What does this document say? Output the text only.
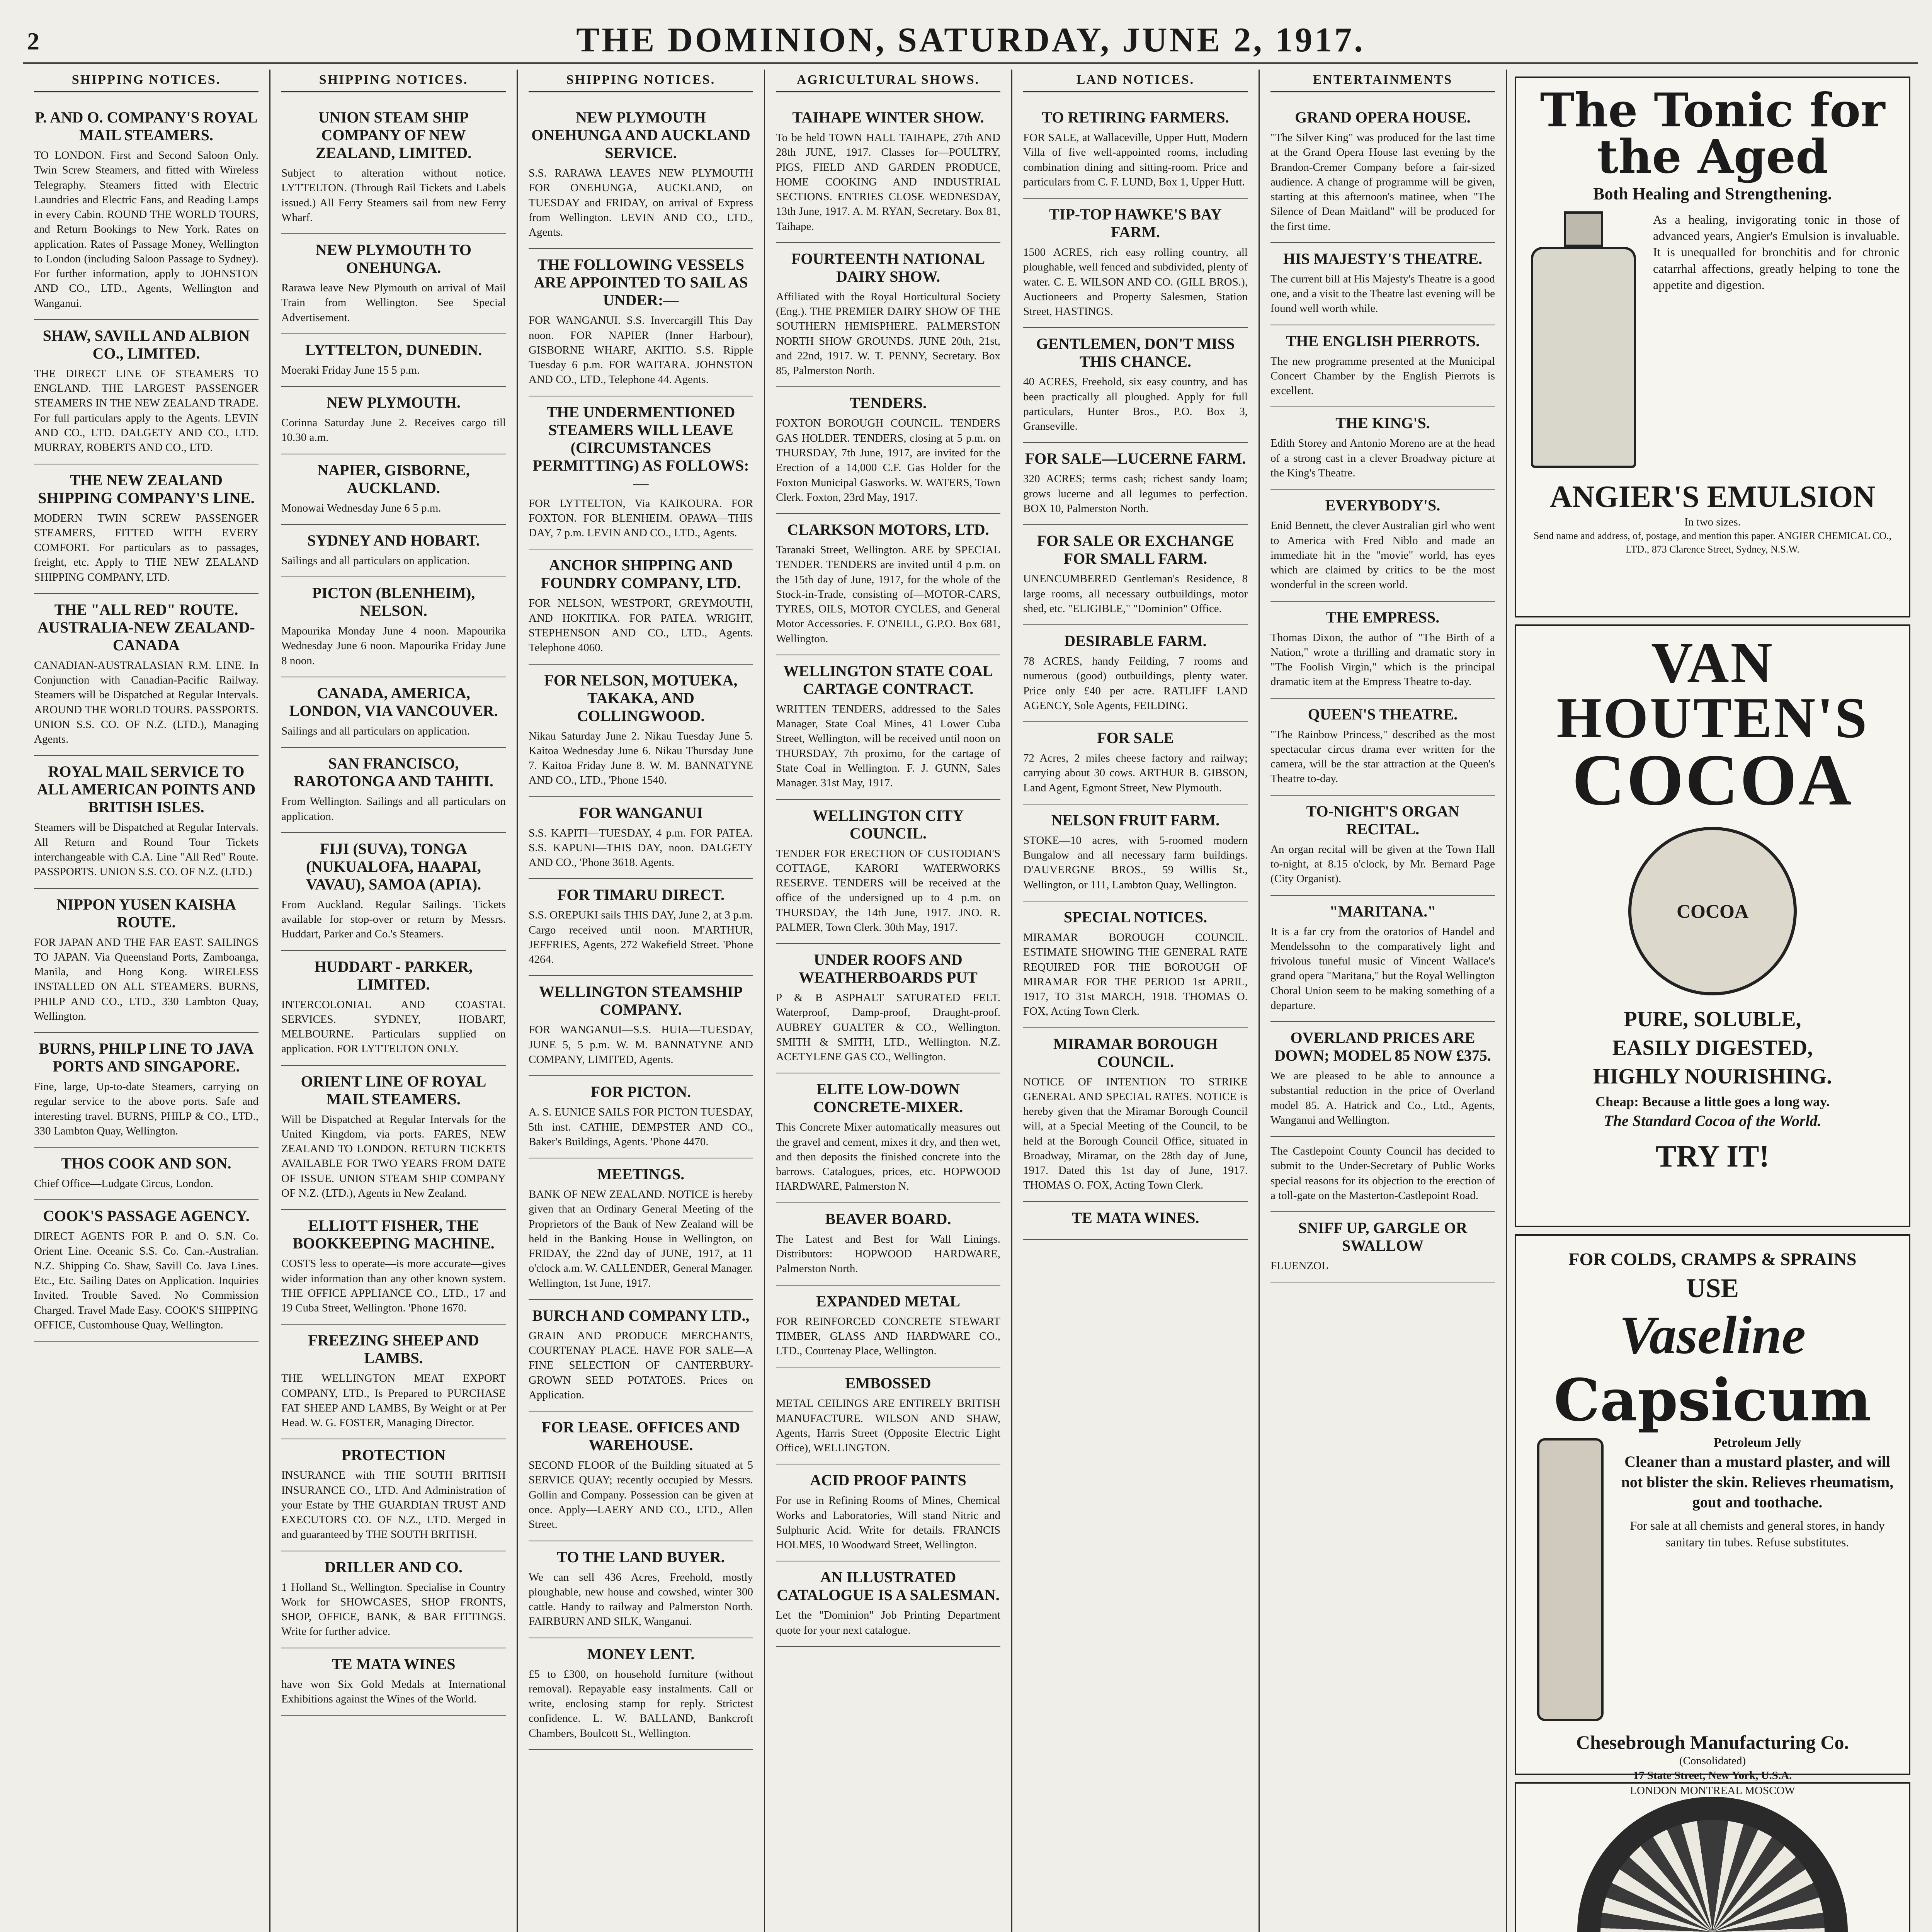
2	THE DOMINION, SATURDAY, JUNE 2, 1917.
SHIPPING NOTICES.
P. AND O. COMPANY'S ROYAL MAIL STEAMERS.
TO LONDON. First and Second Saloon Only. Twin Screw Steamers, and fitted with Wireless Telegraphy. Steamers fitted with Electric Laundries and Electric Fans, and Reading Lamps in every Cabin. ROUND THE WORLD TOURS, and Return Bookings to New York. Rates on application. Rates of Passage Money, Wellington to London (including Saloon Passage to Sydney). For further information, apply to JOHNSTON AND CO., LTD., Agents, Wellington and Wanganui.
SHAW, SAVILL AND ALBION CO., LIMITED.
THE DIRECT LINE OF STEAMERS TO ENGLAND. THE LARGEST PASSENGER STEAMERS IN THE NEW ZEALAND TRADE. For full particulars apply to the Agents. LEVIN AND CO., LTD. DALGETY AND CO., LTD. MURRAY, ROBERTS AND CO., LTD.
THE NEW ZEALAND SHIPPING COMPANY'S LINE.
MODERN TWIN SCREW PASSENGER STEAMERS, FITTED WITH EVERY COMFORT. For particulars as to passages, freight, etc. Apply to THE NEW ZEALAND SHIPPING COMPANY, LTD.
THE "ALL RED" ROUTE. AUSTRALIA-NEW ZEALAND-CANADA
CANADIAN-AUSTRALASIAN R.M. LINE. In Conjunction with Canadian-Pacific Railway. Steamers will be Dispatched at Regular Intervals. AROUND THE WORLD TOURS. PASSPORTS. UNION S.S. CO. OF N.Z. (LTD.), Managing Agents.
ROYAL MAIL SERVICE TO ALL AMERICAN POINTS AND BRITISH ISLES.
Steamers will be Dispatched at Regular Intervals. All Return and Round Tour Tickets interchangeable with C.A. Line "All Red" Route. PASSPORTS. UNION S.S. CO. OF N.Z. (LTD.)
NIPPON YUSEN KAISHA ROUTE.
FOR JAPAN AND THE FAR EAST. SAILINGS TO JAPAN. Via Queensland Ports, Zamboanga, Manila, and Hong Kong. WIRELESS INSTALLED ON ALL STEAMERS. BURNS, PHILP AND CO., LTD., 330 Lambton Quay, Wellington.
BURNS, PHILP LINE TO JAVA PORTS AND SINGAPORE.
Fine, large, Up-to-date Steamers, carrying on regular service to the above ports. Safe and interesting travel. BURNS, PHILP & CO., LTD., 330 Lambton Quay, Wellington.
THOS COOK AND SON.
Chief Office—Ludgate Circus, London.
COOK'S PASSAGE AGENCY.
DIRECT AGENTS FOR P. and O. S.N. Co. Orient Line. Oceanic S.S. Co. Can.-Australian. N.Z. Shipping Co. Shaw, Savill Co. Java Lines. Etc., Etc. Sailing Dates on Application. Inquiries Invited. Trouble Saved. No Commission Charged. Travel Made Easy. COOK'S SHIPPING OFFICE, Customhouse Quay, Wellington.
SHIPPING NOTICES.
UNION STEAM SHIP COMPANY OF NEW ZEALAND, LIMITED.
Subject to alteration without notice. LYTTELTON. (Through Rail Tickets and Labels issued.) All Ferry Steamers sail from new Ferry Wharf.
NEW PLYMOUTH TO ONEHUNGA.
Rarawa leave New Plymouth on arrival of Mail Train from Wellington. See Special Advertisement.
LYTTELTON, DUNEDIN.
Moeraki Friday June 15 5 p.m.
NEW PLYMOUTH.
Corinna Saturday June 2. Receives cargo till 10.30 a.m.
NAPIER, GISBORNE, AUCKLAND.
Monowai Wednesday June 6 5 p.m.
SYDNEY AND HOBART.
Sailings and all particulars on application.
PICTON (BLENHEIM), NELSON.
Mapourika Monday June 4 noon. Mapourika Wednesday June 6 noon. Mapourika Friday June 8 noon.
CANADA, AMERICA, LONDON, VIA VANCOUVER.
Sailings and all particulars on application.
SAN FRANCISCO, RAROTONGA AND TAHITI.
From Wellington. Sailings and all particulars on application.
FIJI (SUVA), TONGA (NUKUALOFA, HAAPAI, VAVAU), SAMOA (APIA).
From Auckland. Regular Sailings. Tickets available for stop-over or return by Messrs. Huddart, Parker and Co.'s Steamers.
HUDDART - PARKER, LIMITED.
INTERCOLONIAL AND COASTAL SERVICES. SYDNEY, HOBART, MELBOURNE. Particulars supplied on application. FOR LYTTELTON ONLY.
ORIENT LINE OF ROYAL MAIL STEAMERS.
Will be Dispatched at Regular Intervals for the United Kingdom, via ports. FARES, NEW ZEALAND TO LONDON. RETURN TICKETS AVAILABLE FOR TWO YEARS FROM DATE OF ISSUE. UNION STEAM SHIP COMPANY OF N.Z. (LTD.), Agents in New Zealand.
ELLIOTT FISHER, THE BOOKKEEPING MACHINE.
COSTS less to operate—is more accurate—gives wider information than any other known system. THE OFFICE APPLIANCE CO., LTD., 17 and 19 Cuba Street, Wellington. 'Phone 1670.
FREEZING SHEEP AND LAMBS.
THE WELLINGTON MEAT EXPORT COMPANY, LTD., Is Prepared to PURCHASE FAT SHEEP AND LAMBS, By Weight or at Per Head. W. G. FOSTER, Managing Director.
PROTECTION
INSURANCE with THE SOUTH BRITISH INSURANCE CO., LTD. And Administration of your Estate by THE GUARDIAN TRUST AND EXECUTORS CO. OF N.Z., LTD. Merged in and guaranteed by THE SOUTH BRITISH.
DRILLER AND CO.
1 Holland St., Wellington. Specialise in Country Work for SHOWCASES, SHOP FRONTS, SHOP, OFFICE, BANK, & BAR FITTINGS. Write for further advice.
TE MATA WINES
have won Six Gold Medals at International Exhibitions against the Wines of the World.
SHIPPING NOTICES.
NEW PLYMOUTH ONEHUNGA AND AUCKLAND SERVICE.
S.S. RARAWA LEAVES NEW PLYMOUTH FOR ONEHUNGA, AUCKLAND, on TUESDAY and FRIDAY, on arrival of Express from Wellington. LEVIN AND CO., LTD., Agents.
THE FOLLOWING VESSELS ARE APPOINTED TO SAIL AS UNDER:—
FOR WANGANUI. S.S. Invercargill This Day noon. FOR NAPIER (Inner Harbour), GISBORNE WHARF, AKITIO. S.S. Ripple Tuesday 6 p.m. FOR WAITARA. JOHNSTON AND CO., LTD., Telephone 44. Agents.
THE UNDERMENTIONED STEAMERS WILL LEAVE (CIRCUMSTANCES PERMITTING) AS FOLLOWS:—
FOR LYTTELTON, Via KAIKOURA. FOR FOXTON. FOR BLENHEIM. OPAWA—THIS DAY, 7 p.m. LEVIN AND CO., LTD., Agents.
ANCHOR SHIPPING AND FOUNDRY COMPANY, LTD.
FOR NELSON, WESTPORT, GREYMOUTH, AND HOKITIKA. FOR PATEA. WRIGHT, STEPHENSON AND CO., LTD., Agents. Telephone 4060.
FOR NELSON, MOTUEKA, TAKAKA, AND COLLINGWOOD.
Nikau Saturday June 2. Nikau Tuesday June 5. Kaitoa Wednesday June 6. Nikau Thursday June 7. Kaitoa Friday June 8. W. M. BANNATYNE AND CO., LTD., 'Phone 1540.
FOR WANGANUI
S.S. KAPITI—TUESDAY, 4 p.m. FOR PATEA. S.S. KAPUNI—THIS DAY, noon. DALGETY AND CO., 'Phone 3618. Agents.
FOR TIMARU DIRECT.
S.S. OREPUKI sails THIS DAY, June 2, at 3 p.m. Cargo received until noon. M'ARTHUR, JEFFRIES, Agents, 272 Wakefield Street. 'Phone 4264.
WELLINGTON STEAMSHIP COMPANY.
FOR WANGANUI—S.S. HUIA—TUESDAY, JUNE 5, 5 p.m. W. M. BANNATYNE AND COMPANY, LIMITED, Agents.
FOR PICTON.
A. S. EUNICE SAILS FOR PICTON TUESDAY, 5th inst. CATHIE, DEMPSTER AND CO., Baker's Buildings, Agents. 'Phone 4470.
MEETINGS.
BANK OF NEW ZEALAND. NOTICE is hereby given that an Ordinary General Meeting of the Proprietors of the Bank of New Zealand will be held in the Banking House in Wellington, on FRIDAY, the 22nd day of JUNE, 1917, at 11 o'clock a.m. W. CALLENDER, General Manager. Wellington, 1st June, 1917.
BURCH AND COMPANY LTD.,
GRAIN AND PRODUCE MERCHANTS, COURTENAY PLACE. HAVE FOR SALE—A FINE SELECTION OF CANTERBURY-GROWN SEED POTATOES. Prices on Application.
FOR LEASE. OFFICES AND WAREHOUSE.
SECOND FLOOR of the Building situated at 5 SERVICE QUAY; recently occupied by Messrs. Gollin and Company. Possession can be given at once. Apply—LAERY AND CO., LTD., Allen Street.
TO THE LAND BUYER.
We can sell 436 Acres, Freehold, mostly ploughable, new house and cowshed, winter 300 cattle. Handy to railway and Palmerston North. FAIRBURN AND SILK, Wanganui.
MONEY LENT.
£5 to £300, on household furniture (without removal). Repayable easy instalments. Call or write, enclosing stamp for reply. Strictest confidence. L. W. BALLAND, Bankcroft Chambers, Boulcott St., Wellington.
AGRICULTURAL SHOWS.
TAIHAPE WINTER SHOW.
To be held TOWN HALL TAIHAPE, 27th AND 28th JUNE, 1917. Classes for—POULTRY, PIGS, FIELD AND GARDEN PRODUCE, HOME COOKING AND INDUSTRIAL SECTIONS. ENTRIES CLOSE WEDNESDAY, 13th June, 1917. A. M. RYAN, Secretary. Box 81, Taihape.
FOURTEENTH NATIONAL DAIRY SHOW.
Affiliated with the Royal Horticultural Society (Eng.). THE PREMIER DAIRY SHOW OF THE SOUTHERN HEMISPHERE. PALMERSTON NORTH SHOW GROUNDS. JUNE 20th, 21st, and 22nd, 1917. W. T. PENNY, Secretary. Box 85, Palmerston North.
TENDERS.
FOXTON BOROUGH COUNCIL. TENDERS GAS HOLDER. TENDERS, closing at 5 p.m. on THURSDAY, 7th June, 1917, are invited for the Erection of a 14,000 C.F. Gas Holder for the Foxton Municipal Gasworks. W. WATERS, Town Clerk. Foxton, 23rd May, 1917.
CLARKSON MOTORS, LTD.
Taranaki Street, Wellington. ARE by SPECIAL TENDER. TENDERS are invited until 4 p.m. on the 15th day of June, 1917, for the whole of the Stock-in-Trade, consisting of—MOTOR-CARS, TYRES, OILS, MOTOR CYCLES, and General Motor Accessories. F. O'NEILL, G.P.O. Box 681, Wellington.
WELLINGTON STATE COAL CARTAGE CONTRACT.
WRITTEN TENDERS, addressed to the Sales Manager, State Coal Mines, 41 Lower Cuba Street, Wellington, will be received until noon on THURSDAY, 7th proximo, for the cartage of State Coal in Wellington. F. J. GUNN, Sales Manager. 31st May, 1917.
WELLINGTON CITY COUNCIL.
TENDER FOR ERECTION OF CUSTODIAN'S COTTAGE, KARORI WATERWORKS RESERVE. TENDERS will be received at the office of the undersigned up to 4 p.m. on THURSDAY, the 14th June, 1917. JNO. R. PALMER, Town Clerk. 30th May, 1917.
UNDER ROOFS AND WEATHERBOARDS PUT
P & B ASPHALT SATURATED FELT. Waterproof, Damp-proof, Draught-proof. AUBREY GUALTER & CO., Wellington. SMITH & SMITH, LTD., Wellington. N.Z. ACETYLENE GAS CO., Wellington.
ELITE LOW-DOWN CONCRETE-MIXER.
This Concrete Mixer automatically measures out the gravel and cement, mixes it dry, and then wet, and then deposits the finished concrete into the barrows. Catalogues, prices, etc. HOPWOOD HARDWARE, Palmerston N.
BEAVER BOARD.
The Latest and Best for Wall Linings. Distributors: HOPWOOD HARDWARE, Palmerston North.
EXPANDED METAL
FOR REINFORCED CONCRETE STEWART TIMBER, GLASS AND HARDWARE CO., LTD., Courtenay Place, Wellington.
EMBOSSED
METAL CEILINGS ARE ENTIRELY BRITISH MANUFACTURE. WILSON AND SHAW, Agents, Harris Street (Opposite Electric Light Office), WELLINGTON.
ACID PROOF PAINTS
For use in Refining Rooms of Mines, Chemical Works and Laboratories, Will stand Nitric and Sulphuric Acid. Write for details. FRANCIS HOLMES, 10 Woodward Street, Wellington.
AN ILLUSTRATED CATALOGUE IS A SALESMAN.
Let the "Dominion" Job Printing Department quote for your next catalogue.
LAND NOTICES.
TO RETIRING FARMERS.
FOR SALE, at Wallaceville, Upper Hutt, Modern Villa of five well-appointed rooms, including combination dining and sitting-room. Price and particulars from C. F. LUND, Box 1, Upper Hutt.
TIP-TOP HAWKE'S BAY FARM.
1500 ACRES, rich easy rolling country, all ploughable, well fenced and subdivided, plenty of water. C. E. WILSON AND CO. (GILL BROS.), Auctioneers and Property Salesmen, Station Street, HASTINGS.
GENTLEMEN, DON'T MISS THIS CHANCE.
40 ACRES, Freehold, six easy country, and has been practically all ploughed. Apply for full particulars, Hunter Bros., P.O. Box 3, Granseville.
FOR SALE—LUCERNE FARM.
320 ACRES; terms cash; richest sandy loam; grows lucerne and all legumes to perfection. BOX 10, Palmerston North.
FOR SALE OR EXCHANGE FOR SMALL FARM.
UNENCUMBERED Gentleman's Residence, 8 large rooms, all necessary outbuildings, motor shed, etc. "ELIGIBLE," "Dominion" Office.
DESIRABLE FARM.
78 ACRES, handy Feilding, 7 rooms and numerous (good) outbuildings, plenty water. Price only £40 per acre. RATLIFF LAND AGENCY, Sole Agents, FEILDING.
FOR SALE
72 Acres, 2 miles cheese factory and railway; carrying about 30 cows. ARTHUR B. GIBSON, Land Agent, Egmont Street, New Plymouth.
NELSON FRUIT FARM.
STOKE—10 acres, with 5-roomed modern Bungalow and all necessary farm buildings. D'AUVERGNE BROS., 59 Willis St., Wellington, or 111, Lambton Quay, Wellington.
SPECIAL NOTICES.
MIRAMAR BOROUGH COUNCIL. ESTIMATE SHOWING THE GENERAL RATE REQUIRED FOR THE BOROUGH OF MIRAMAR FOR THE PERIOD 1st APRIL, 1917, TO 31st MARCH, 1918. THOMAS O. FOX, Acting Town Clerk.
MIRAMAR BOROUGH COUNCIL.
NOTICE OF INTENTION TO STRIKE GENERAL AND SPECIAL RATES. NOTICE is hereby given that the Miramar Borough Council will, at a Special Meeting of the Council, to be held at the Borough Council Office, situated in Broadway, Miramar, on the 28th day of June, 1917. Dated this 1st day of June, 1917. THOMAS O. FOX, Acting Town Clerk.
TE MATA WINES.
ENTERTAINMENTS
GRAND OPERA HOUSE.
"The Silver King" was produced for the last time at the Grand Opera House last evening by the Brandon-Cremer Company before a fair-sized audience. A change of programme will be given, starting at this afternoon's matinee, when "The Silence of Dean Maitland" will be produced for the first time.
HIS MAJESTY'S THEATRE.
The current bill at His Majesty's Theatre is a good one, and a visit to the Theatre last evening will be found well worth while.
THE ENGLISH PIERROTS.
The new programme presented at the Municipal Concert Chamber by the English Pierrots is excellent.
THE KING'S.
Edith Storey and Antonio Moreno are at the head of a strong cast in a clever Broadway picture at the King's Theatre.
EVERYBODY'S.
Enid Bennett, the clever Australian girl who went to America with Fred Niblo and made an immediate hit in the "movie" world, has eyes which are claimed by critics to be the most wonderful in the screen world.
THE EMPRESS.
Thomas Dixon, the author of "The Birth of a Nation," wrote a thrilling and dramatic story in "The Foolish Virgin," which is the principal dramatic item at the Empress Theatre to-day.
QUEEN'S THEATRE.
"The Rainbow Princess," described as the most spectacular circus drama ever written for the camera, will be the star attraction at the Queen's Theatre to-day.
TO-NIGHT'S ORGAN RECITAL.
An organ recital will be given at the Town Hall to-night, at 8.15 o'clock, by Mr. Bernard Page (City Organist).
"MARITANA."
It is a far cry from the oratorios of Handel and Mendelssohn to the comparatively light and frivolous tuneful music of Vincent Wallace's grand opera "Maritana," but the Royal Wellington Choral Union seem to be making something of a departure.
OVERLAND PRICES ARE DOWN; MODEL 85 NOW £375.
We are pleased to be able to announce a substantial reduction in the price of Overland model 85. A. Hatrick and Co., Ltd., Agents, Wanganui and Wellington.
The Castlepoint County Council has decided to submit to the Under-Secretary of Public Works special reasons for its objection to the erection of a toll-gate on the Masterton-Castlepoint Road.
SNIFF UP, GARGLE OR SWALLOW
FLUENZOL
The Tonic for the Aged
Both Healing and Strengthening.
As a healing, invigorating tonic in those of advanced years, Angier's Emulsion is invaluable. It is unequalled for bronchitis and for chronic catarrhal affections, greatly helping to tone the appetite and digestion.
ANGIER'S EMULSION
In two sizes.
Send name and address, of, postage, and mention this paper. ANGIER CHEMICAL CO., LTD., 873 Clarence Street, Sydney, N.S.W.
VAN HOUTEN'S
COCOA
COCOA
PURE, SOLUBLE,
EASILY DIGESTED,
HIGHLY NOURISHING.
Cheap: Because a little goes a long way.
The Standard Cocoa of the World.
TRY IT!
FOR COLDS, CRAMPS & SPRAINS
USE
Vaseline
Capsicum
Petroleum Jelly
Cleaner than a mustard plaster, and will not blister the skin. Relieves rheumatism, gout and toothache.
For sale at all chemists and general stores, in handy sanitary tin tubes. Refuse substitutes.
Chesebrough Manufacturing Co.
(Consolidated)
17 State Street, New York, U.S.A.
LONDON MONTREAL MOSCOW
